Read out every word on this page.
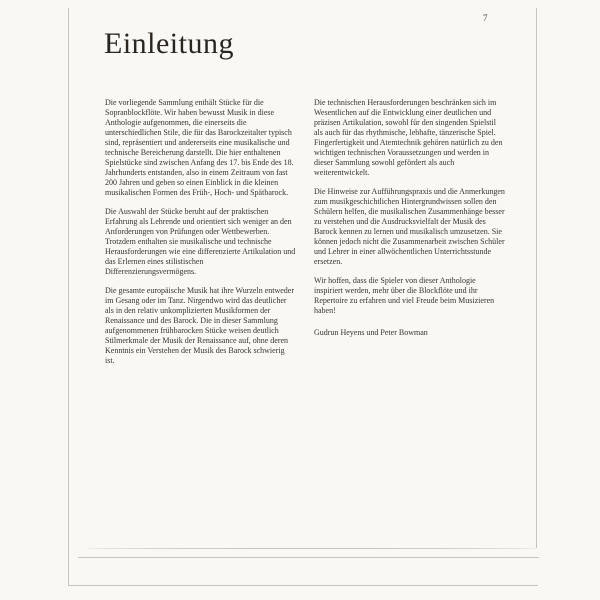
7
Einleitung

Die vorliegende Sammlung enthält Stücke für die Sopranblockflöte. Wir haben bewusst Musik in diese Anthologie aufgenommen, die einerseits die unterschiedlichen Stile, die für das Barockzeitalter typisch sind, repräsentiert und andererseits eine musikalische und technische Bereicherung darstellt. Die hier enthaltenen Spielstücke sind zwischen Anfang des 17. bis Ende des 18. Jahrhunderts entstanden, also in einem Zeitraum von fast 200 Jahren und geben so einen Einblick in die kleinen musikalischen Formen des Früh-, Hoch- und Spätbarock.

Die Auswahl der Stücke beruht auf der praktischen Erfahrung als Lehrende und orientiert sich weniger an den Anforderungen von Prüfungen oder Wettbewerben. Trotzdem enthalten sie musikalische und technische Herausforderungen wie eine differenzierte Artikulation und das Erlernen eines stilistischen Differenzierungsvermögens.

Die gesamte europäische Musik hat ihre Wurzeln entweder im Gesang oder im Tanz. Nirgendwo wird das deutlicher als in den relativ unkomplizierten Musikformen der Renaissance und des Barock. Die in dieser Sammlung aufgenommenen frühbarocken Stücke weisen deutlich Stilmerkmale der Musik der Renaissance auf, ohne deren Kenntnis ein Verstehen der Musik des Barock schwierig ist.

Die technischen Herausforderungen beschränken sich im Wesentlichen auf die Entwicklung einer deutlichen und präzisen Artikulation, sowohl für den singenden Spielstil als auch für das rhythmische, lebhafte, tänzerische Spiel. Fingerfertigkeit und Atemtechnik gehören natürlich zu den wichtigen technischen Voraussetzungen und werden in dieser Sammlung sowohl gefördert als auch weiterentwickelt.

Die Hinweise zur Aufführungspraxis und die Anmerkungen zum musikgeschichtlichen Hintergrundwissen sollen den Schülern helfen, die musikalischen Zusammenhänge besser zu verstehen und die Ausdrucksvielfalt der Musik des Barock kennen zu lernen und musikalisch umzusetzen. Sie können jedoch nicht die Zusammenarbeit zwischen Schüler und Lehrer in einer allwöchentlichen Unterrichtsstunde ersetzen.

Wir hoffen, dass die Spieler von dieser Anthologie inspiriert werden, mehr über die Blockflöte und ihr Repertoire zu erfahren und viel Freude beim Musizieren haben!

Gudrun Heyens und Peter Bowman
